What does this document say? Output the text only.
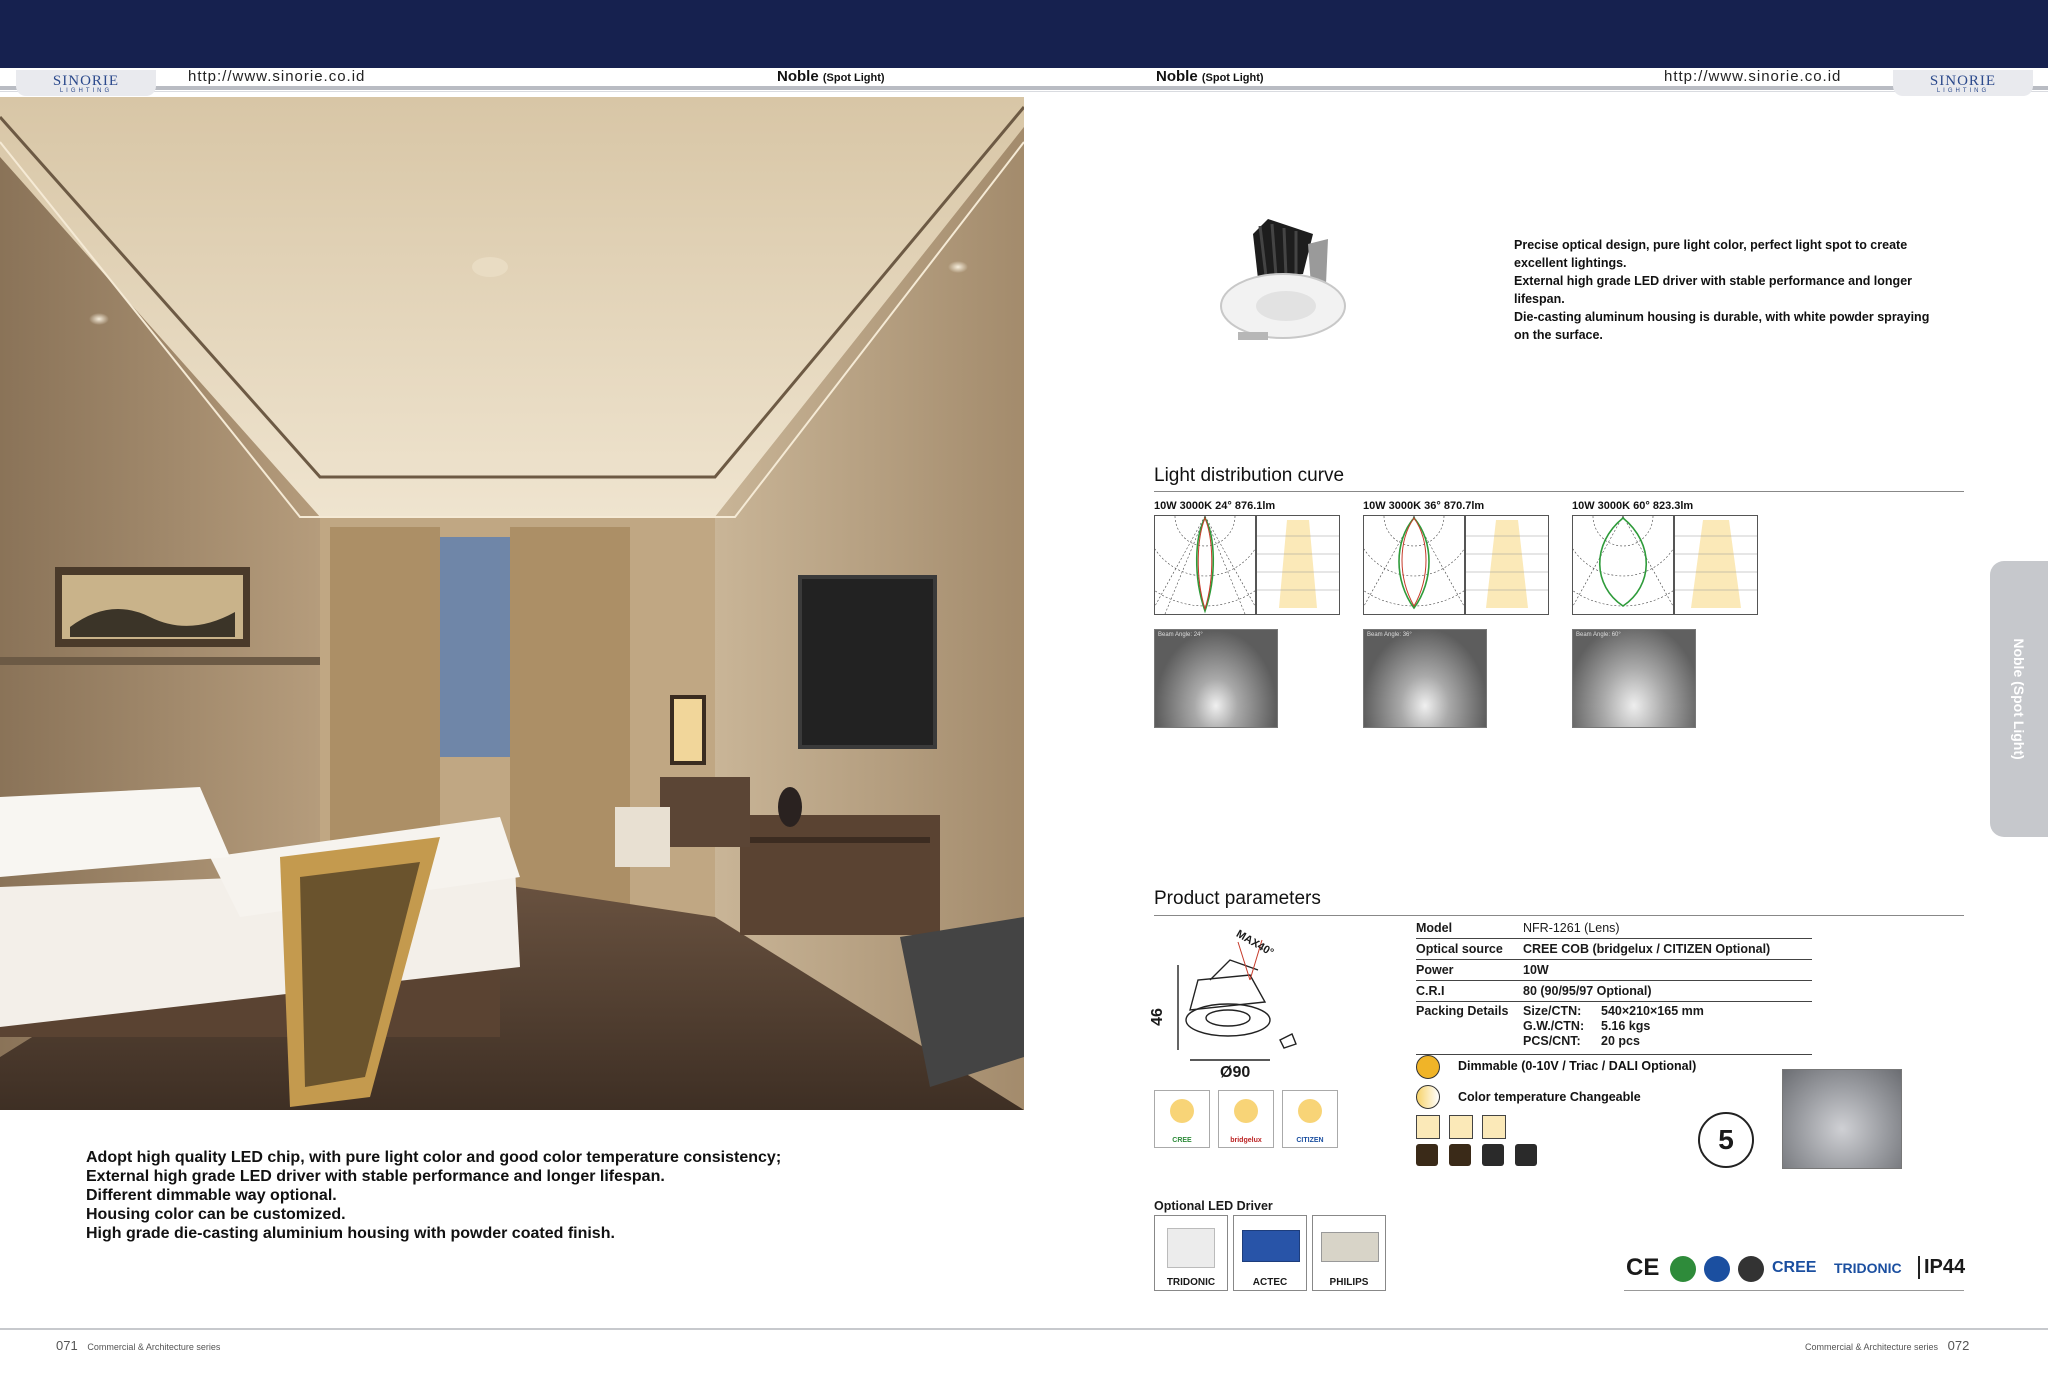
SINORIE
LIGHTING
SINORIE
LIGHTING
http://www.sinorie.co.id	http://www.sinorie.co.id
Noble (Spot Light)	Noble (Spot Light)
Adopt high quality LED chip, with pure light color and good color temperature consistency;
External high grade LED driver with stable performance and longer lifespan.
Different dimmable way optional.
Housing color can be customized.
High grade die-casting aluminium housing with powder coated finish.
Precise optical design, pure light color, perfect light spot to create excellent lightings.
External high grade LED driver with stable performance and longer lifespan.
Die-casting aluminum housing is durable, with white powder spraying on the surface.
Light distribution curve
10W 3000K 24° 876.1lm	10W 3000K 36° 870.7lm	10W 3000K 60° 823.3lm
Beam Angle: 24°	Beam Angle: 36°	Beam Angle: 60°
Noble (Spot Light)
Product parameters
MAX40°
46
Ø90
Model	NFR-1261 (Lens)
Optical source	CREE COB (bridgelux / CITIZEN Optional)
Power	10W
C.R.I	80 (90/95/97 Optional)
Packing Details	Size/CTN:	540×210×165 mm
G.W./CTN:	5.16 kgs
PCS/CNT:	20 pcs
Dimmable (0-10V / Triac / DALI Optional)
Color temperature Changeable
5
CREE	bridgelux	CITIZEN
Optional LED Driver
TRIDONIC	ACTEC	PHILIPS
CE	CREE TRIDONIC	IP44
071 Commercial & Architecture series	Commercial & Architecture series 072
